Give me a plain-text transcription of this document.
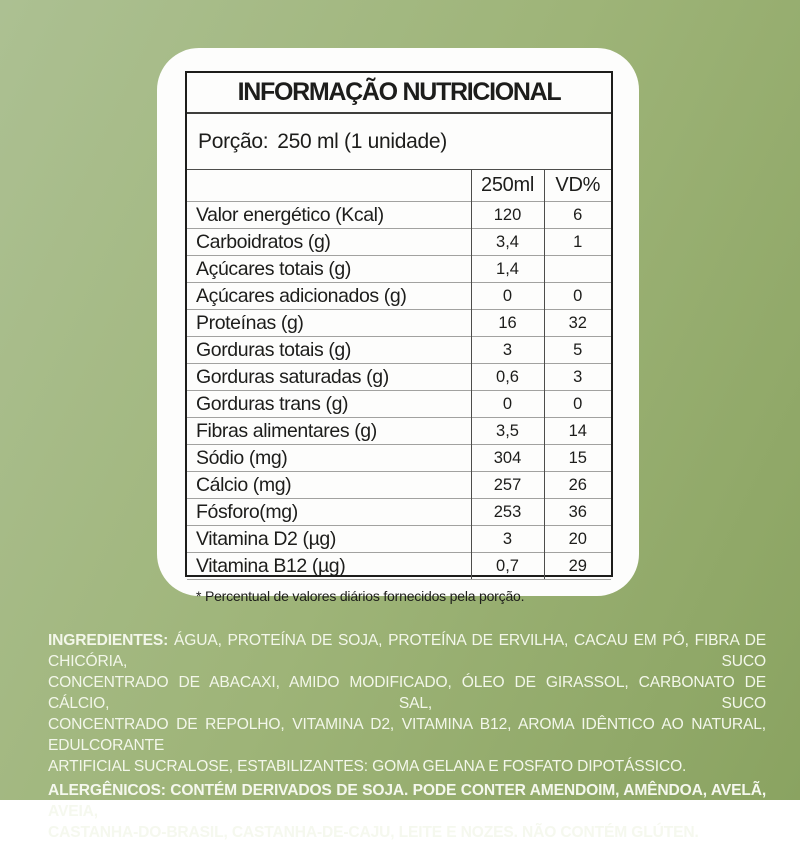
INFORMAÇÃO NUTRICIONAL
Porção: 250 ml (1 unidade)
	250ml	VD%
Valor energético (Kcal)	120	6
Carboidratos (g)	3,4	1
Açúcares totais (g)	1,4	
Açúcares adicionados (g)	0	0
Proteínas (g)	16	32
Gorduras totais (g)	3	5
Gorduras saturadas (g)	0,6	3
Gorduras trans (g)	0	0
Fibras alimentares (g)	3,5	14
Sódio (mg)	304	15
Cálcio (mg)	257	26
Fósforo(mg)	253	36
Vitamina D2 (µg)	3	20
Vitamina B12 (µg)	0,7	29
* Percentual de valores diários fornecidos pela porção.
INGREDIENTES: ÁGUA, PROTEÍNA DE SOJA, PROTEÍNA DE ERVILHA, CACAU EM PÓ, FIBRA DE CHICÓRIA, SUCO
CONCENTRADO DE ABACAXI, AMIDO MODIFICADO, ÓLEO DE GIRASSOL, CARBONATO DE CÁLCIO, SAL, SUCO
CONCENTRADO DE REPOLHO, VITAMINA D2, VITAMINA B12, AROMA IDÊNTICO AO NATURAL, EDULCORANTE
ARTIFICIAL SUCRALOSE, ESTABILIZANTES: GOMA GELANA E FOSFATO DIPOTÁSSICO.
ALERGÊNICOS: CONTÉM DERIVADOS DE SOJA. PODE CONTER AMENDOIM, AMÊNDOA, AVELÃ, AVEIA,
CASTANHA-DO-BRASIL, CASTANHA-DE-CAJU, LEITE E NOZES. NÃO CONTÉM GLÚTEN.
